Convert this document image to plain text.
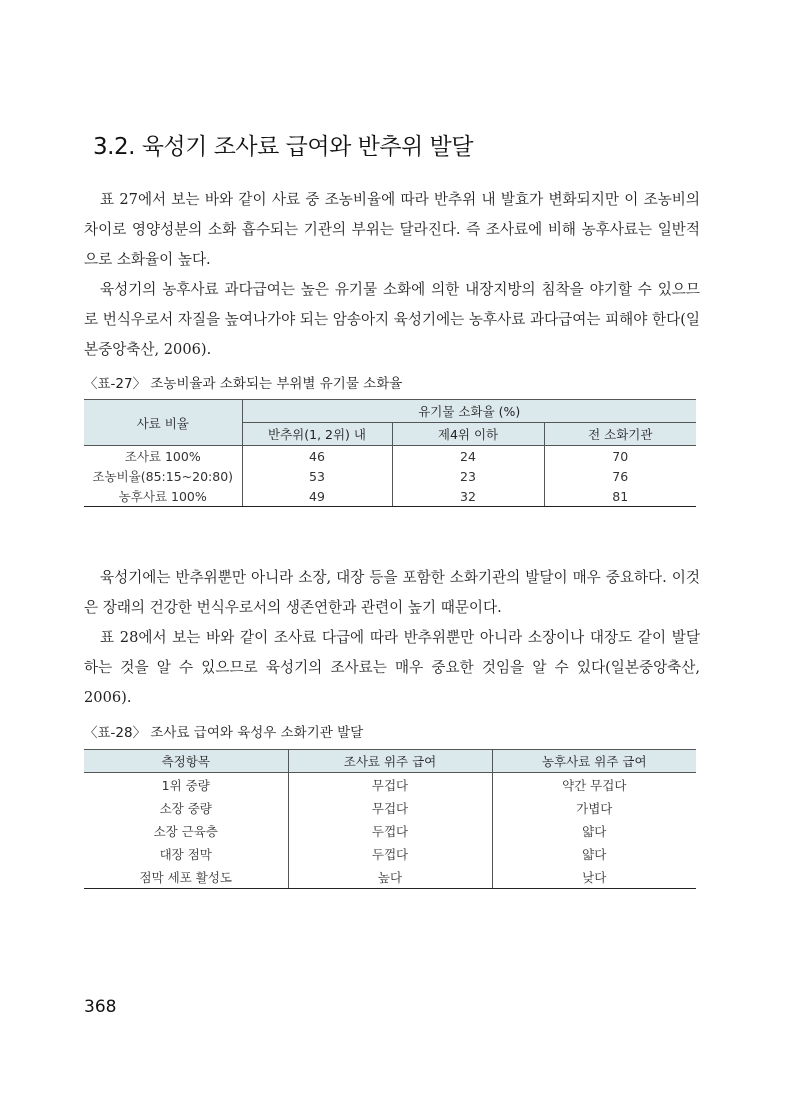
3.2. 육성기 조사료 급여와 반추위 발달

표 27에서 보는 바와 같이 사료 중 조농비율에 따라 반추위 내 발효가 변화되지만 이 조농비의 차이로 영양성분의 소화 흡수되는 기관의 부위는 달라진다. 즉 조사료에 비해 농후사료는 일반적으로 소화율이 높다.

육성기의 농후사료 과다급여는 높은 유기물 소화에 의한 내장지방의 침착을 야기할 수 있으므로 번식우로서 자질을 높여나가야 되는 암송아지 육성기에는 농후사료 과다급여는 피해야 한다(일본중앙축산, 2006).

〈표-27〉 조농비율과 소화되는 부위별 유기물 소화율
사료 비율	유기물 소화율 (%)		
	반추위(1, 2위) 내	제4위 이하	전 소화기관
조사료 100%	46	24	70
조농비율(85:15~20:80)	53	23	76
농후사료 100%	49	32	81

육성기에는 반추위뿐만 아니라 소장, 대장 등을 포함한 소화기관의 발달이 매우 중요하다. 이것은 장래의 건강한 번식우로서의 생존연한과 관련이 높기 때문이다.

표 28에서 보는 바와 같이 조사료 다급에 따라 반추위뿐만 아니라 소장이나 대장도 같이 발달하는 것을 알 수 있으므로 육성기의 조사료는 매우 중요한 것임을 알 수 있다(일본중앙축산, 2006).

〈표-28〉 조사료 급여와 육성우 소화기관 발달
측정항목	조사료 위주 급여	농후사료 위주 급여
1위 중량	무겁다	약간 무겁다
소장 중량	무겁다	가볍다
소장 근육층	두껍다	얇다
대장 점막	두껍다	얇다
점막 세포 활성도	높다	낮다
368
